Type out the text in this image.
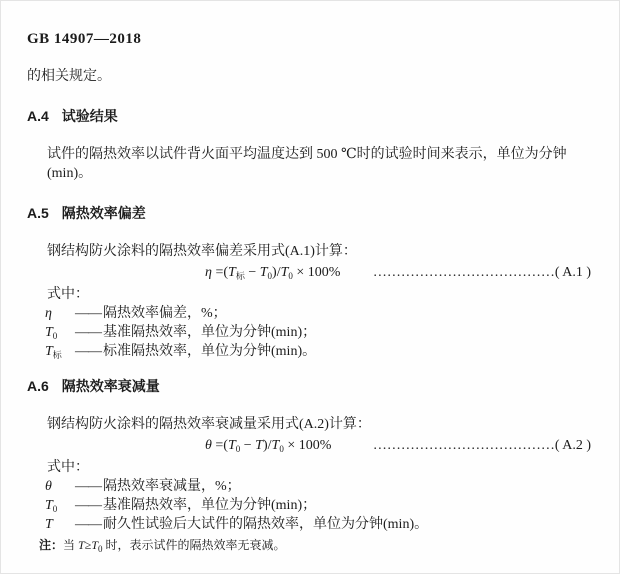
GB 14907—2018

的相关规定。

A.4 试验结果

试件的隔热效率以试件背火面平均温度达到 500 ℃时的试验时间来表示，单位为分钟(min)。

A.5 隔热效率偏差

钢结构防火涂料的隔热效率偏差采用式(A.1)计算：

$\eta =(T_标 - T_0)/T_0 \times 100\%$ ………………………………… ( A.1 )

式中：

η	—— 隔热效率偏差，%；
$T_0$	—— 基准隔热效率，单位为分钟(min)；
$T_标$ —— 标准隔热效率，单位为分钟(min)。
A.6 隔热效率衰减量

钢结构防火涂料的隔热效率衰减量采用式(A.2)计算：

$\theta =(T_0 - T)/T_0 \times 100\%$	………………………………… ( A.2 )

式中：

θ	—— 隔热效率衰减量，%；
$T_0$	—— 基准隔热效率，单位为分钟(min)；
T	—— 耐久性试验后大试件的隔热效率，单位为分钟(min)。

注：当 $T\ge T_0$ 时，表示试件的隔热效率无衰减。
